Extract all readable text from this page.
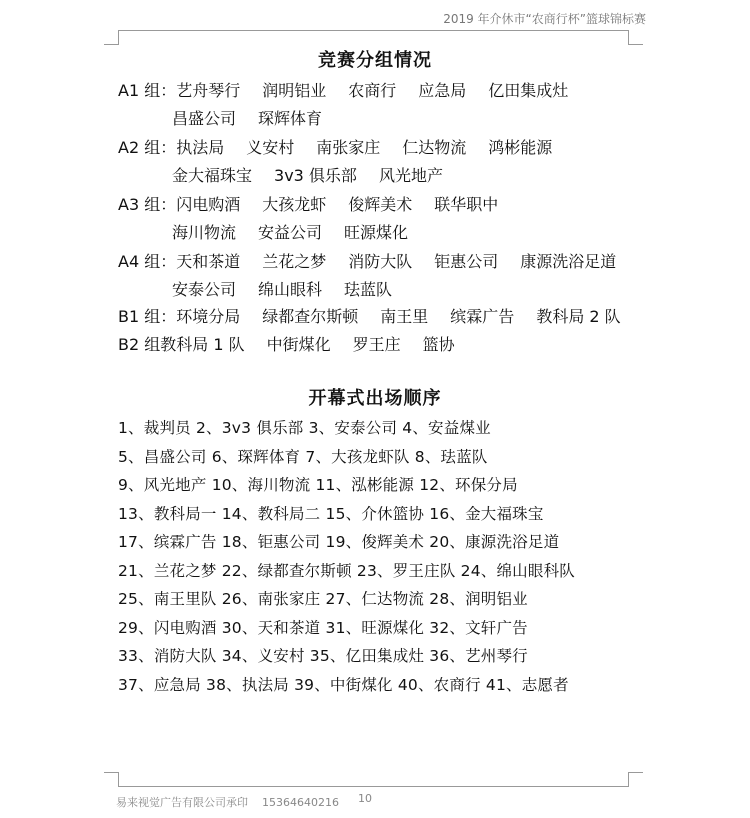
2019 年介休市“农商行杯”篮球锦标赛
竞赛分组情况
A1 组：艺舟琴行 润明铝业 农商行 应急局 亿田集成灶
昌盛公司 琛辉体育
A2 组：执法局 义安村 南张家庄 仁达物流 鸿彬能源
金大福珠宝 3v3 俱乐部 风光地产
A3 组：闪电购酒 大孩龙虾 俊辉美术 联华职中
海川物流 安益公司 旺源煤化
A4 组：天和茶道 兰花之梦 消防大队 钜惠公司 康源洗浴足道
安泰公司 绵山眼科 珐蓝队
B1 组：环境分局 绿都查尔斯顿 南王里 缤霖广告 教科局 2 队
B2 组教科局 1 队 中街煤化 罗王庄 篮协
开幕式出场顺序
1、裁判员 2、3v3 俱乐部 3、安泰公司 4、安益煤业
5、昌盛公司 6、琛辉体育 7、大孩龙虾队 8、珐蓝队
9、风光地产 10、海川物流 11、泓彬能源 12、环保分局
13、教科局一 14、教科局二 15、介休篮协 16、金大福珠宝
17、缤霖广告 18、钜惠公司 19、俊辉美术 20、康源洗浴足道
21、兰花之梦 22、绿都查尔斯顿 23、罗王庄队 24、绵山眼科队
25、南王里队 26、南张家庄 27、仁达物流 28、润明铝业
29、闪电购酒 30、天和茶道 31、旺源煤化 32、文轩广告
33、消防大队 34、义安村 35、亿田集成灶 36、艺州琴行
37、应急局 38、执法局 39、中街煤化 40、农商行 41、志愿者
易来视觉广告有限公司承印 15364640216	10
